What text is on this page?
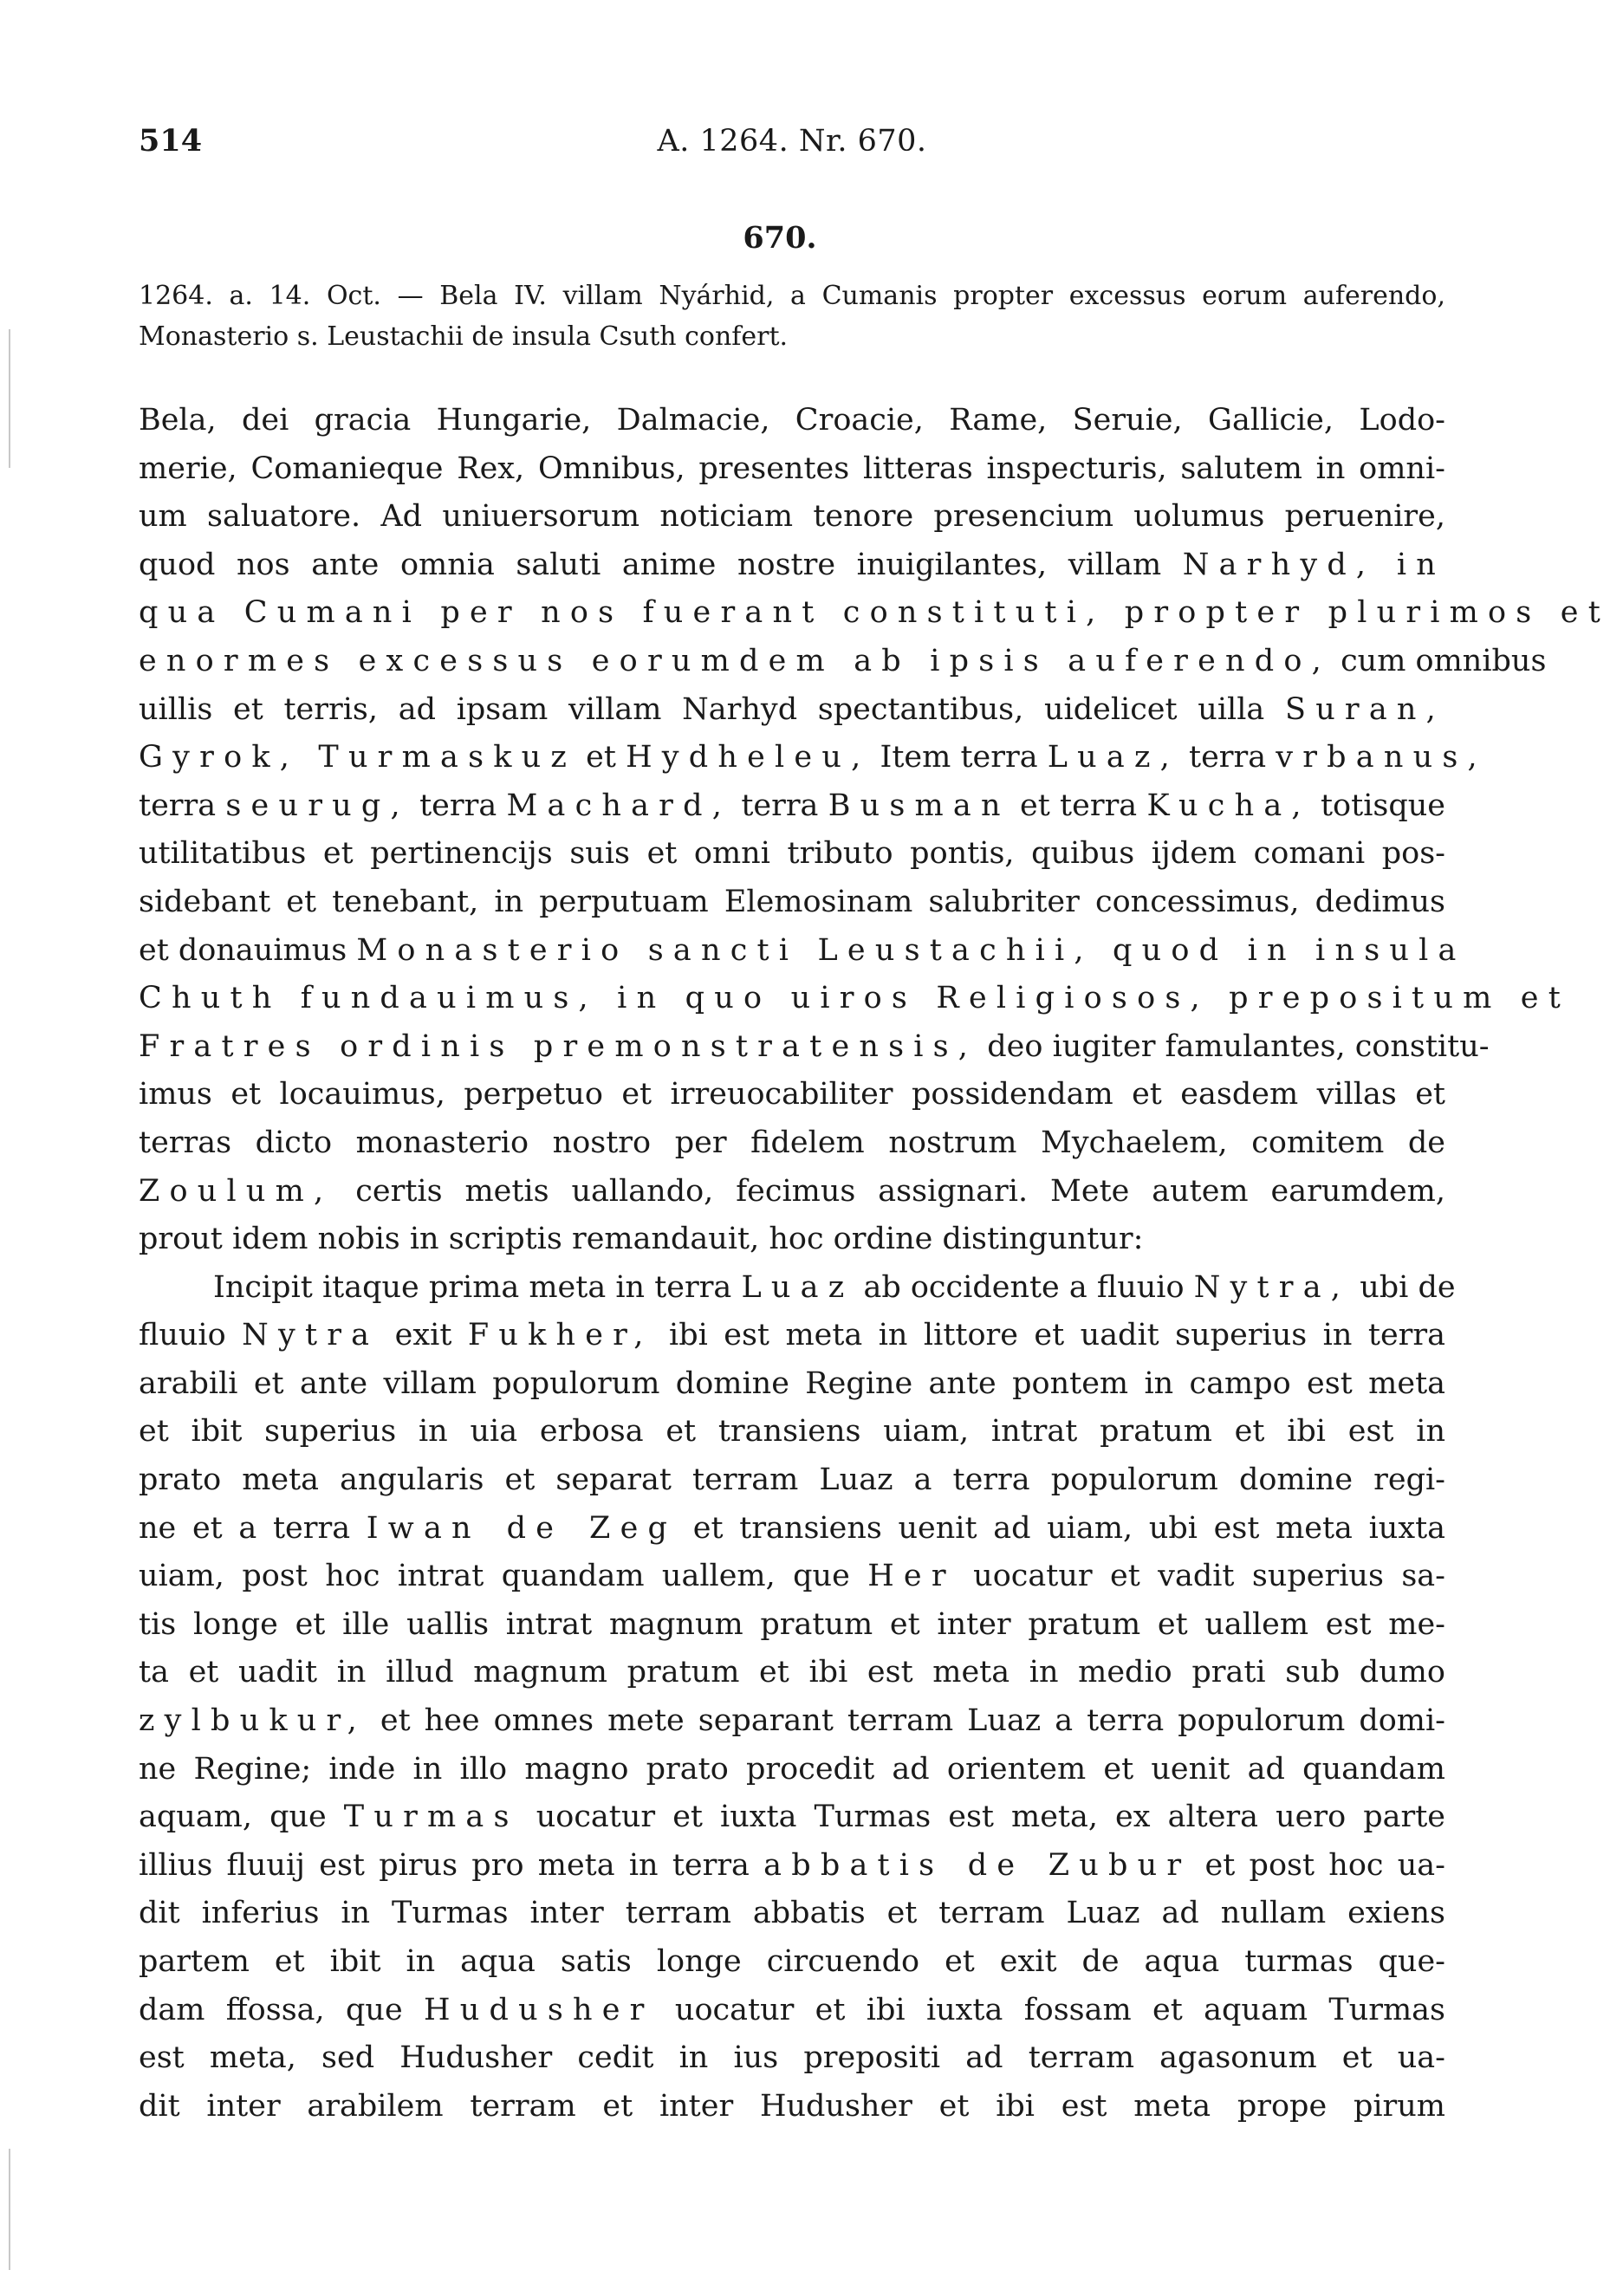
514	A. 1264. Nr. 670.
670.
1264. a. 14. Oct. — Bela IV. villam Nyárhid, a Cumanis propter excessus eorum auferendo, Monasterio s. Leustachii de insula Csuth confert.
Bela, dei gracia Hungarie, Dalmacie, Croacie, Rame, Seruie, Gallicie, Lodo-
merie, Comanieque Rex, Omnibus, presentes litteras inspecturis, salutem in omni-
um saluatore. Ad uniuersorum noticiam tenore presencium uolumus peruenire,
quod nos ante omnia saluti anime nostre inuigilantes, villam Narhyd, in
qua Cumani per nos fuerant constituti, propter plurimos et
enormes excessus eorumdem ab ipsis auferendo, cum omnibus
uillis et terris, ad ipsam villam Narhyd spectantibus, uidelicet uilla Suran,
Gyrok, Turmaskuz et Hydheleu, Item terra Luaz, terra vrbanus,
terra seurug, terra Machard, terra Busman et terra Kucha, totisque
utilitatibus et pertinencijs suis et omni tributo pontis, quibus ijdem comani pos-
sidebant et tenebant, in perputuam Elemosinam salubriter concessimus, dedimus
et donauimus Monasterio sancti Leustachii, quod in insula
Chuth fundauimus, in quo uiros Religiosos, prepositum et
Fratres ordinis premonstratensis, deo iugiter famulantes, constitu-
imus et locauimus, perpetuo et irreuocabiliter possidendam et easdem villas et
terras dicto monasterio nostro per fidelem nostrum Mychaelem, comitem de
Zoulum, certis metis uallando, fecimus assignari. Mete autem earumdem,
prout idem nobis in scriptis remandauit, hoc ordine distinguntur:
Incipit itaque prima meta in terra Luaz ab occidente a fluuio Nytra, ubi de
fluuio Nytra exit Fukher, ibi est meta in littore et uadit superius in terra
arabili et ante villam populorum domine Regine ante pontem in campo est meta
et ibit superius in uia erbosa et transiens uiam, intrat pratum et ibi est in
prato meta angularis et separat terram Luaz a terra populorum domine regi-
ne et a terra Iwan de Zeg et transiens uenit ad uiam, ubi est meta iuxta
uiam, post hoc intrat quandam uallem, que Her uocatur et vadit superius sa-
tis longe et ille uallis intrat magnum pratum et inter pratum et uallem est me-
ta et uadit in illud magnum pratum et ibi est meta in medio prati sub dumo
zylbukur, et hee omnes mete separant terram Luaz a terra populorum domi-
ne Regine; inde in illo magno prato procedit ad orientem et uenit ad quandam
aquam, que Turmas uocatur et iuxta Turmas est meta, ex altera uero parte
illius fluuij est pirus pro meta in terra abbatis de Zubur et post hoc ua-
dit inferius in Turmas inter terram abbatis et terram Luaz ad nullam exiens
partem et ibit in aqua satis longe circuendo et exit de aqua turmas que-
dam ffossa, que Hudusher uocatur et ibi iuxta fossam et aquam Turmas
est meta, sed Hudusher cedit in ius prepositi ad terram agasonum et ua-
dit inter arabilem terram et inter Hudusher et ibi est meta prope pirum
